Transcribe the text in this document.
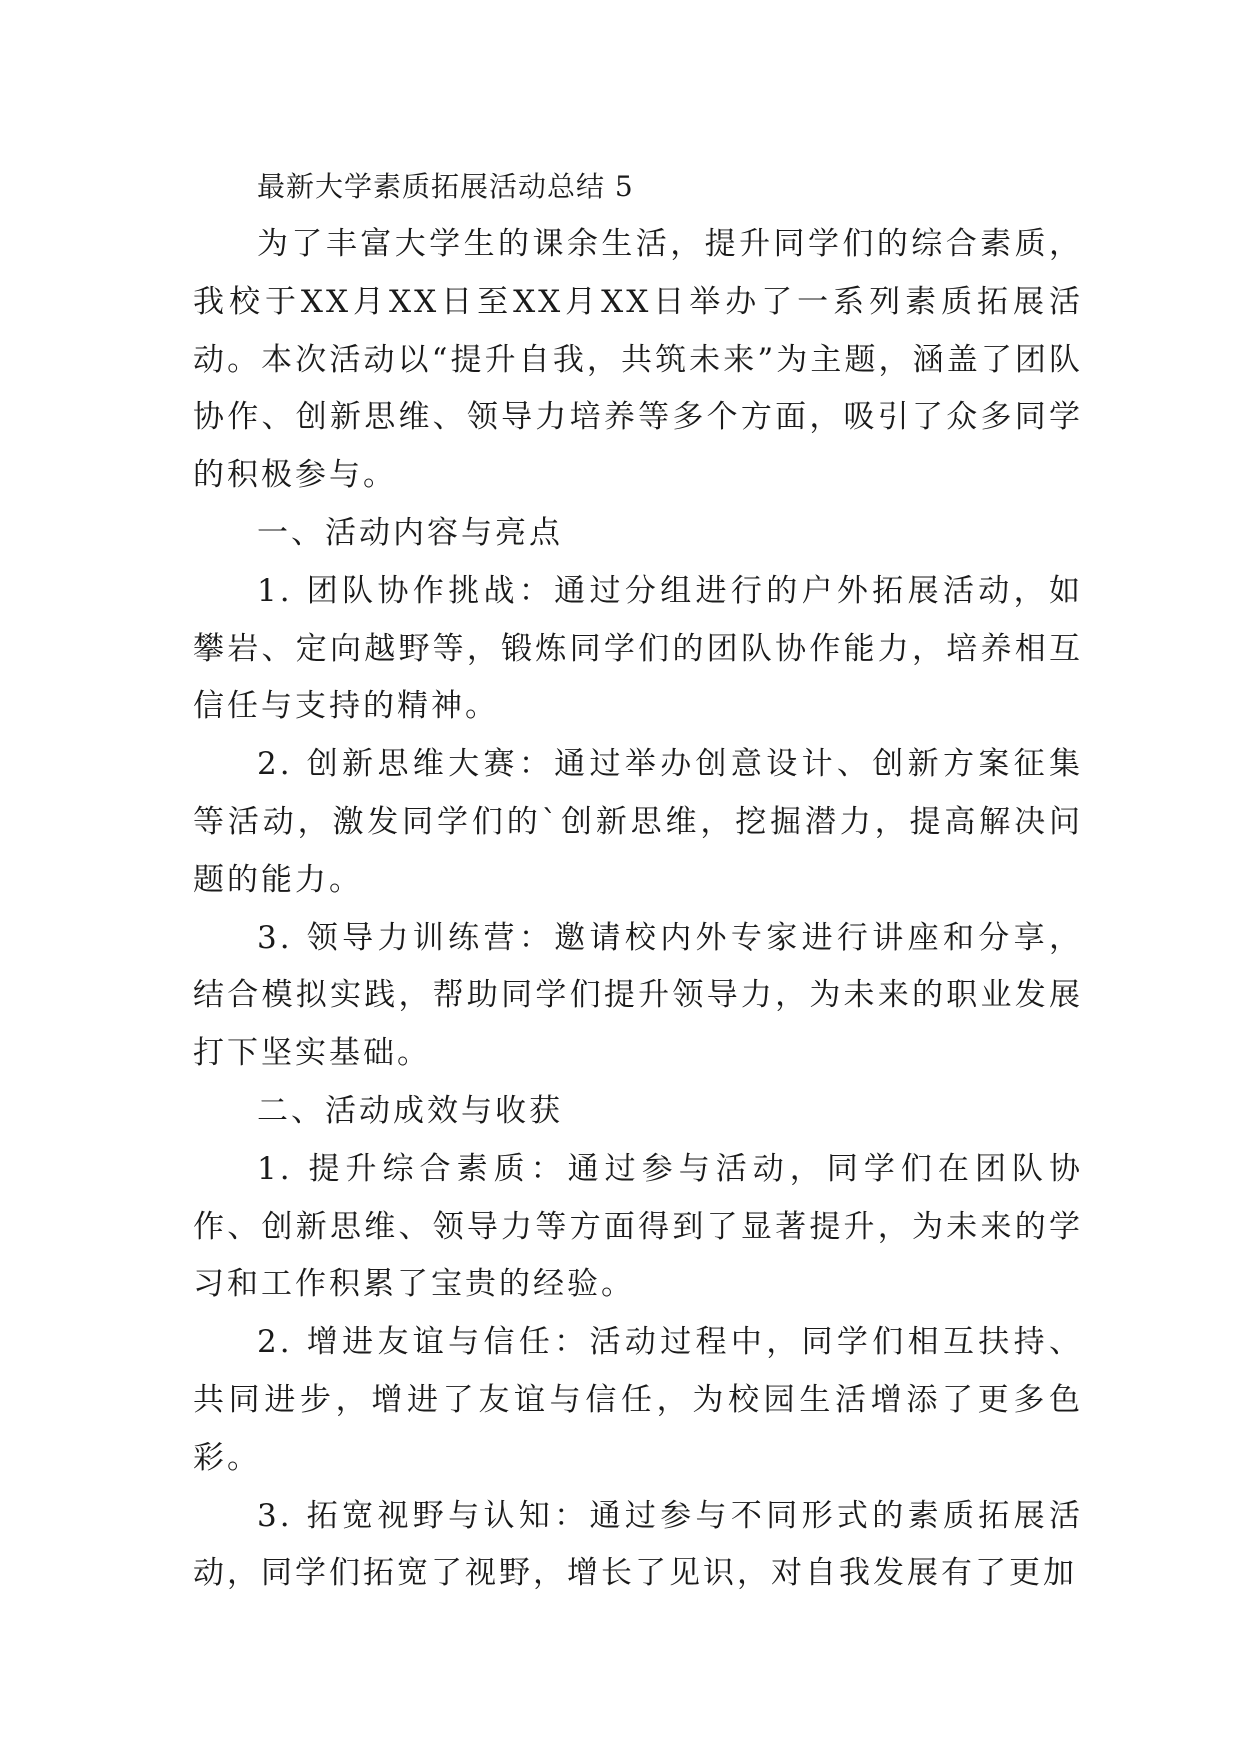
最新大学素质拓展活动总结 5

为了丰富大学生的课余生活，提升同学们的综合素质，我校于XX月XX日至XX月XX日举办了一系列素质拓展活动。本次活动以“提升自我，共筑未来”为主题，涵盖了团队协作、创新思维、领导力培养等多个方面，吸引了众多同学的积极参与。

一、活动内容与亮点

1. 团队协作挑战：通过分组进行的户外拓展活动，如攀岩、定向越野等，锻炼同学们的团队协作能力，培养相互信任与支持的精神。

2. 创新思维大赛：通过举办创意设计、创新方案征集等活动，激发同学们的`创新思维，挖掘潜力，提高解决问题的能力。

3. 领导力训练营：邀请校内外专家进行讲座和分享，结合模拟实践，帮助同学们提升领导力，为未来的职业发展打下坚实基础。

二、活动成效与收获

1. 提升综合素质：通过参与活动，同学们在团队协作、创新思维、领导力等方面得到了显著提升，为未来的学习和工作积累了宝贵的经验。

2. 增进友谊与信任：活动过程中，同学们相互扶持、共同进步，增进了友谊与信任，为校园生活增添了更多色彩。

3. 拓宽视野与认知：通过参与不同形式的素质拓展活动，同学们拓宽了视野，增长了见识，对自我发展有了更加
